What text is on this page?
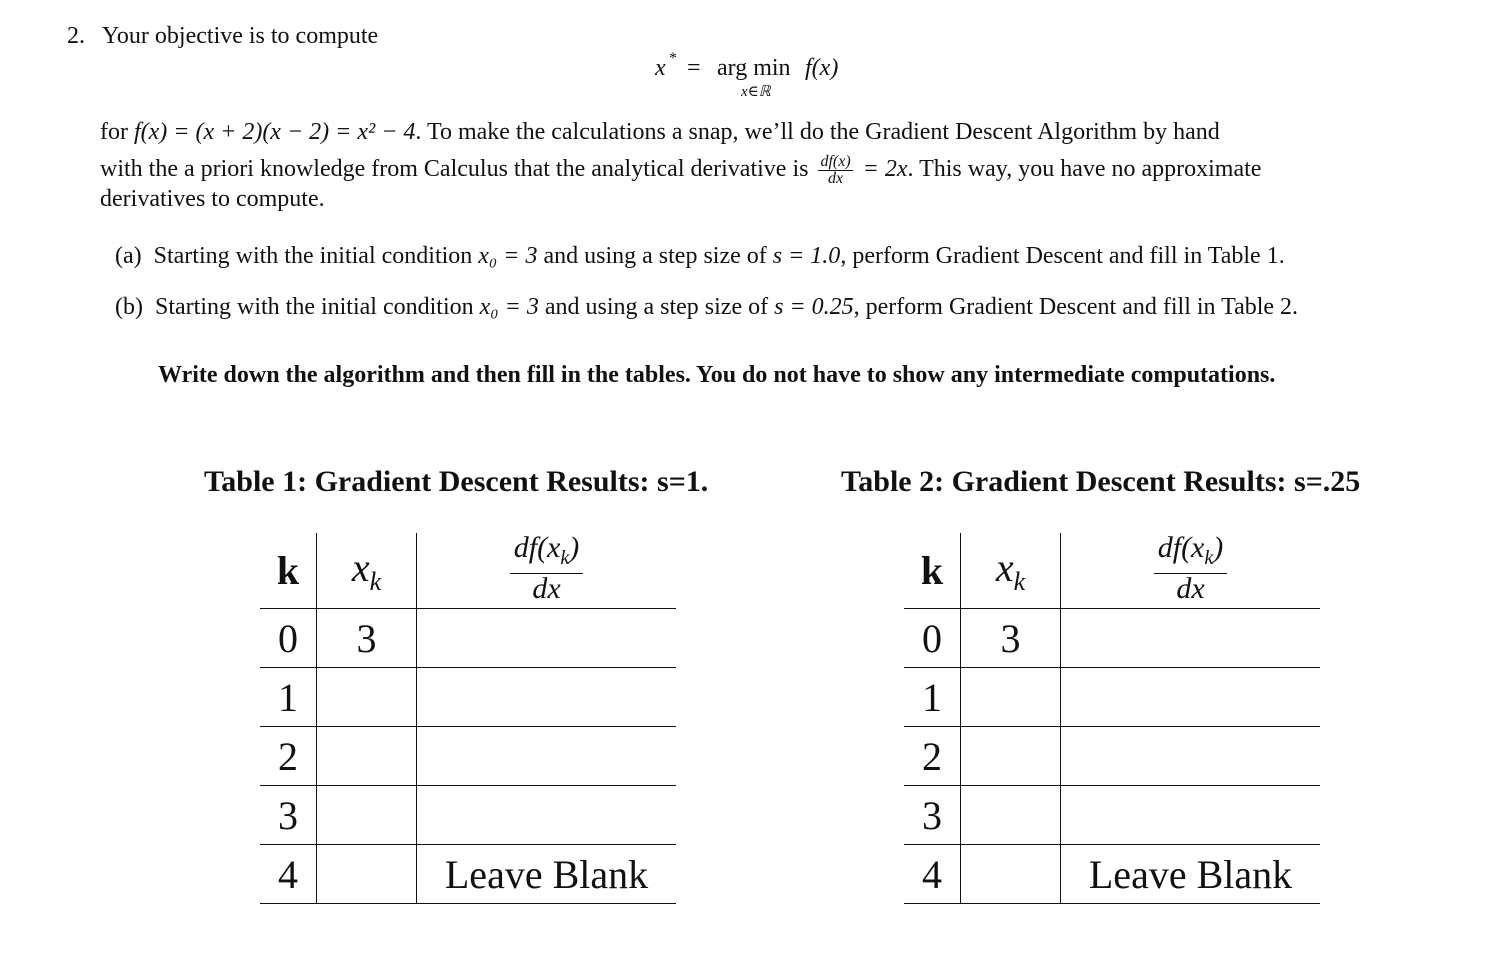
2. Your objective is to compute
x * = arg min
x∈ℝ
f(x)
for f(x) = (x + 2)(x − 2) = x² − 4. To make the calculations a snap, we’ll do the Gradient Descent Algorithm by hand
with the a priori knowledge from Calculus that the analytical derivative is $\frac{df(x)}{dx} = 2x$. This way, you have no approximate
derivatives to compute.
(a) Starting with the initial condition x₀ = 3 and using a step size of s = 1.0, perform Gradient Descent and fill in Table 1.
(b) Starting with the initial condition x₀ = 3 and using a step size of s = 0.25, perform Gradient Descent and fill in Table 2.
Write down the algorithm and then fill in the tables. You do not have to show any intermediate computations.
Table 1: Gradient Descent Results: s=1.	Table 2: Gradient Descent Results: s=.25
k	$x_k$	$\frac{df(x_k)}{dx}$

0	3	
1		
2		
3		
4		Leave Blank
k	$x_k$	$\frac{df(x_k)}{dx}$

0	3	
1		
2		
3		
4		Leave Blank
